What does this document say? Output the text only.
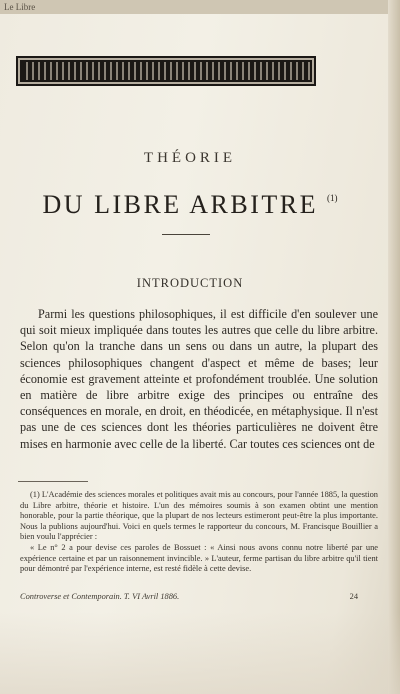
Le Libre
THÉORIE
DU LIBRE ARBITRE $^{(1)}$
INTRODUCTION
Parmi les questions philosophiques, il est difficile d'en soulever une qui soit mieux impliquée dans toutes les autres que celle du libre arbitre. Selon qu'on la tranche dans un sens ou dans un autre, la plupart des sciences philosophiques changent d'aspect et même de bases; leur économie est gravement atteinte et profondément troublée. Une solution en matière de libre arbitre exige des principes ou entraîne des conséquences en morale, en droit, en théodicée, en métaphysique. Il n'est pas une de ces sciences dont les théories particulières ne doivent être mises en harmonie avec celle de la liberté. Car toutes ces sciences ont de

(1) L'Académie des sciences morales et politiques avait mis au concours, pour l'année 1885, la question du Libre arbitre, théorie et histoire. L'un des mémoires soumis à son examen obtint une mention honorable, pour la partie théorique, que la plupart de nos lecteurs estimeront peut-être la plus importante. Nous la publions aujourd'hui. Voici en quels termes le rapporteur du concours, M. Francisque Bouillier a bien voulu l'apprécier :

« Le n° 2 a pour devise ces paroles de Bossuet : « Ainsi nous avons connu notre liberté par une expérience certaine et par un raisonnement invincible. » L'auteur, ferme partisan du libre arbitre qu'il tient pour démontré par l'expérience interne, est resté fidèle à cette devise.

Controverse et Contemporain. T. VI Avril 1886.	24
